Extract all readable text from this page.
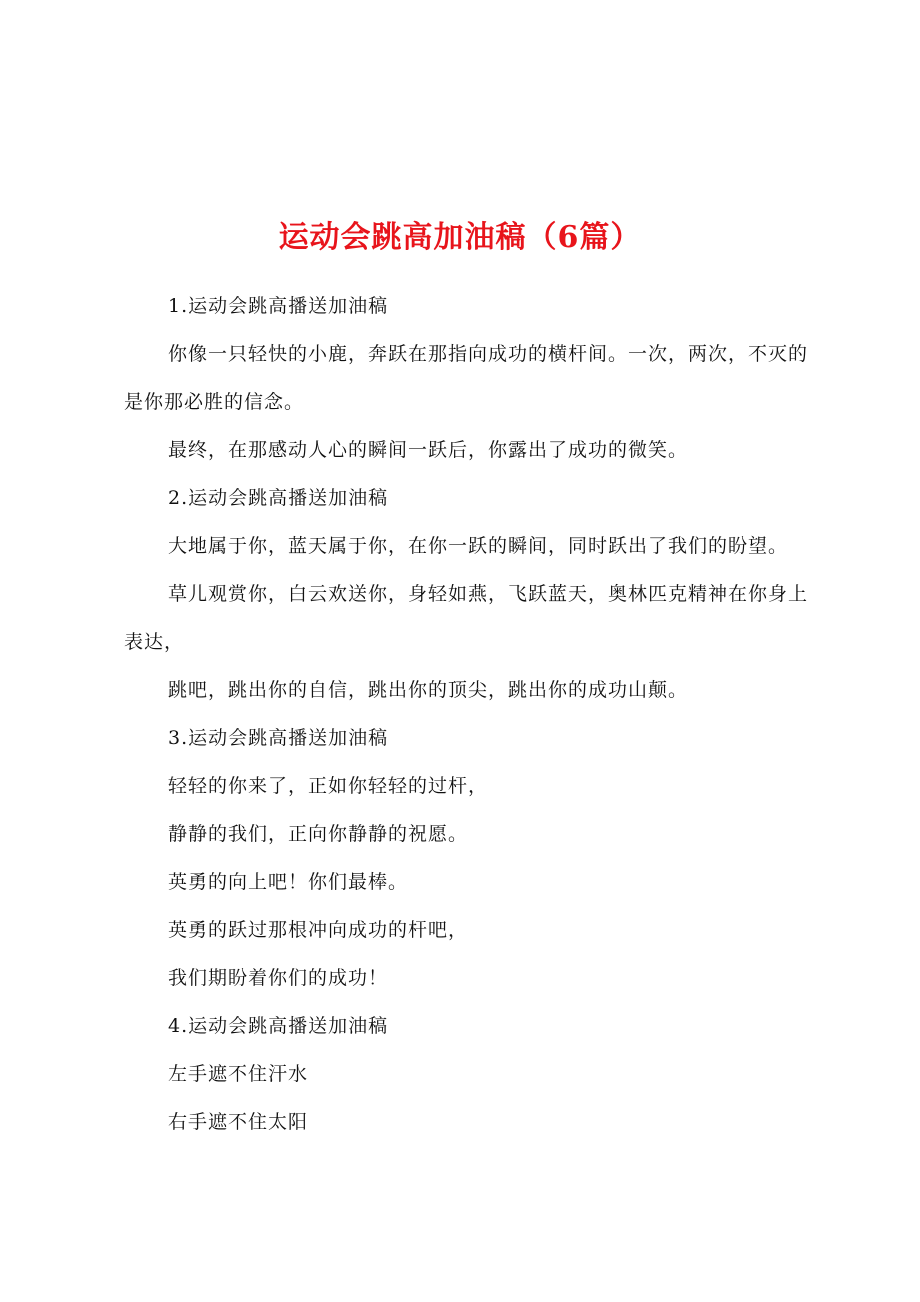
运动会跳高加油稿（6篇）

1.运动会跳高播送加油稿

你像一只轻快的小鹿，奔跃在那指向成功的横杆间。一次，两次，不灭的是你那必胜的信念。

最终，在那感动人心的瞬间一跃后，你露出了成功的微笑。

2.运动会跳高播送加油稿

大地属于你，蓝天属于你，在你一跃的瞬间，同时跃出了我们的盼望。

草儿观赏你，白云欢送你，身轻如燕，飞跃蓝天，奥林匹克精神在你身上表达，

跳吧，跳出你的自信，跳出你的顶尖，跳出你的成功山颠。

3.运动会跳高播送加油稿

轻轻的你来了，正如你轻轻的过杆，

静静的我们，正向你静静的祝愿。

英勇的向上吧！你们最棒。

英勇的跃过那根冲向成功的杆吧，

我们期盼着你们的成功！

4.运动会跳高播送加油稿

左手遮不住汗水

右手遮不住太阳
